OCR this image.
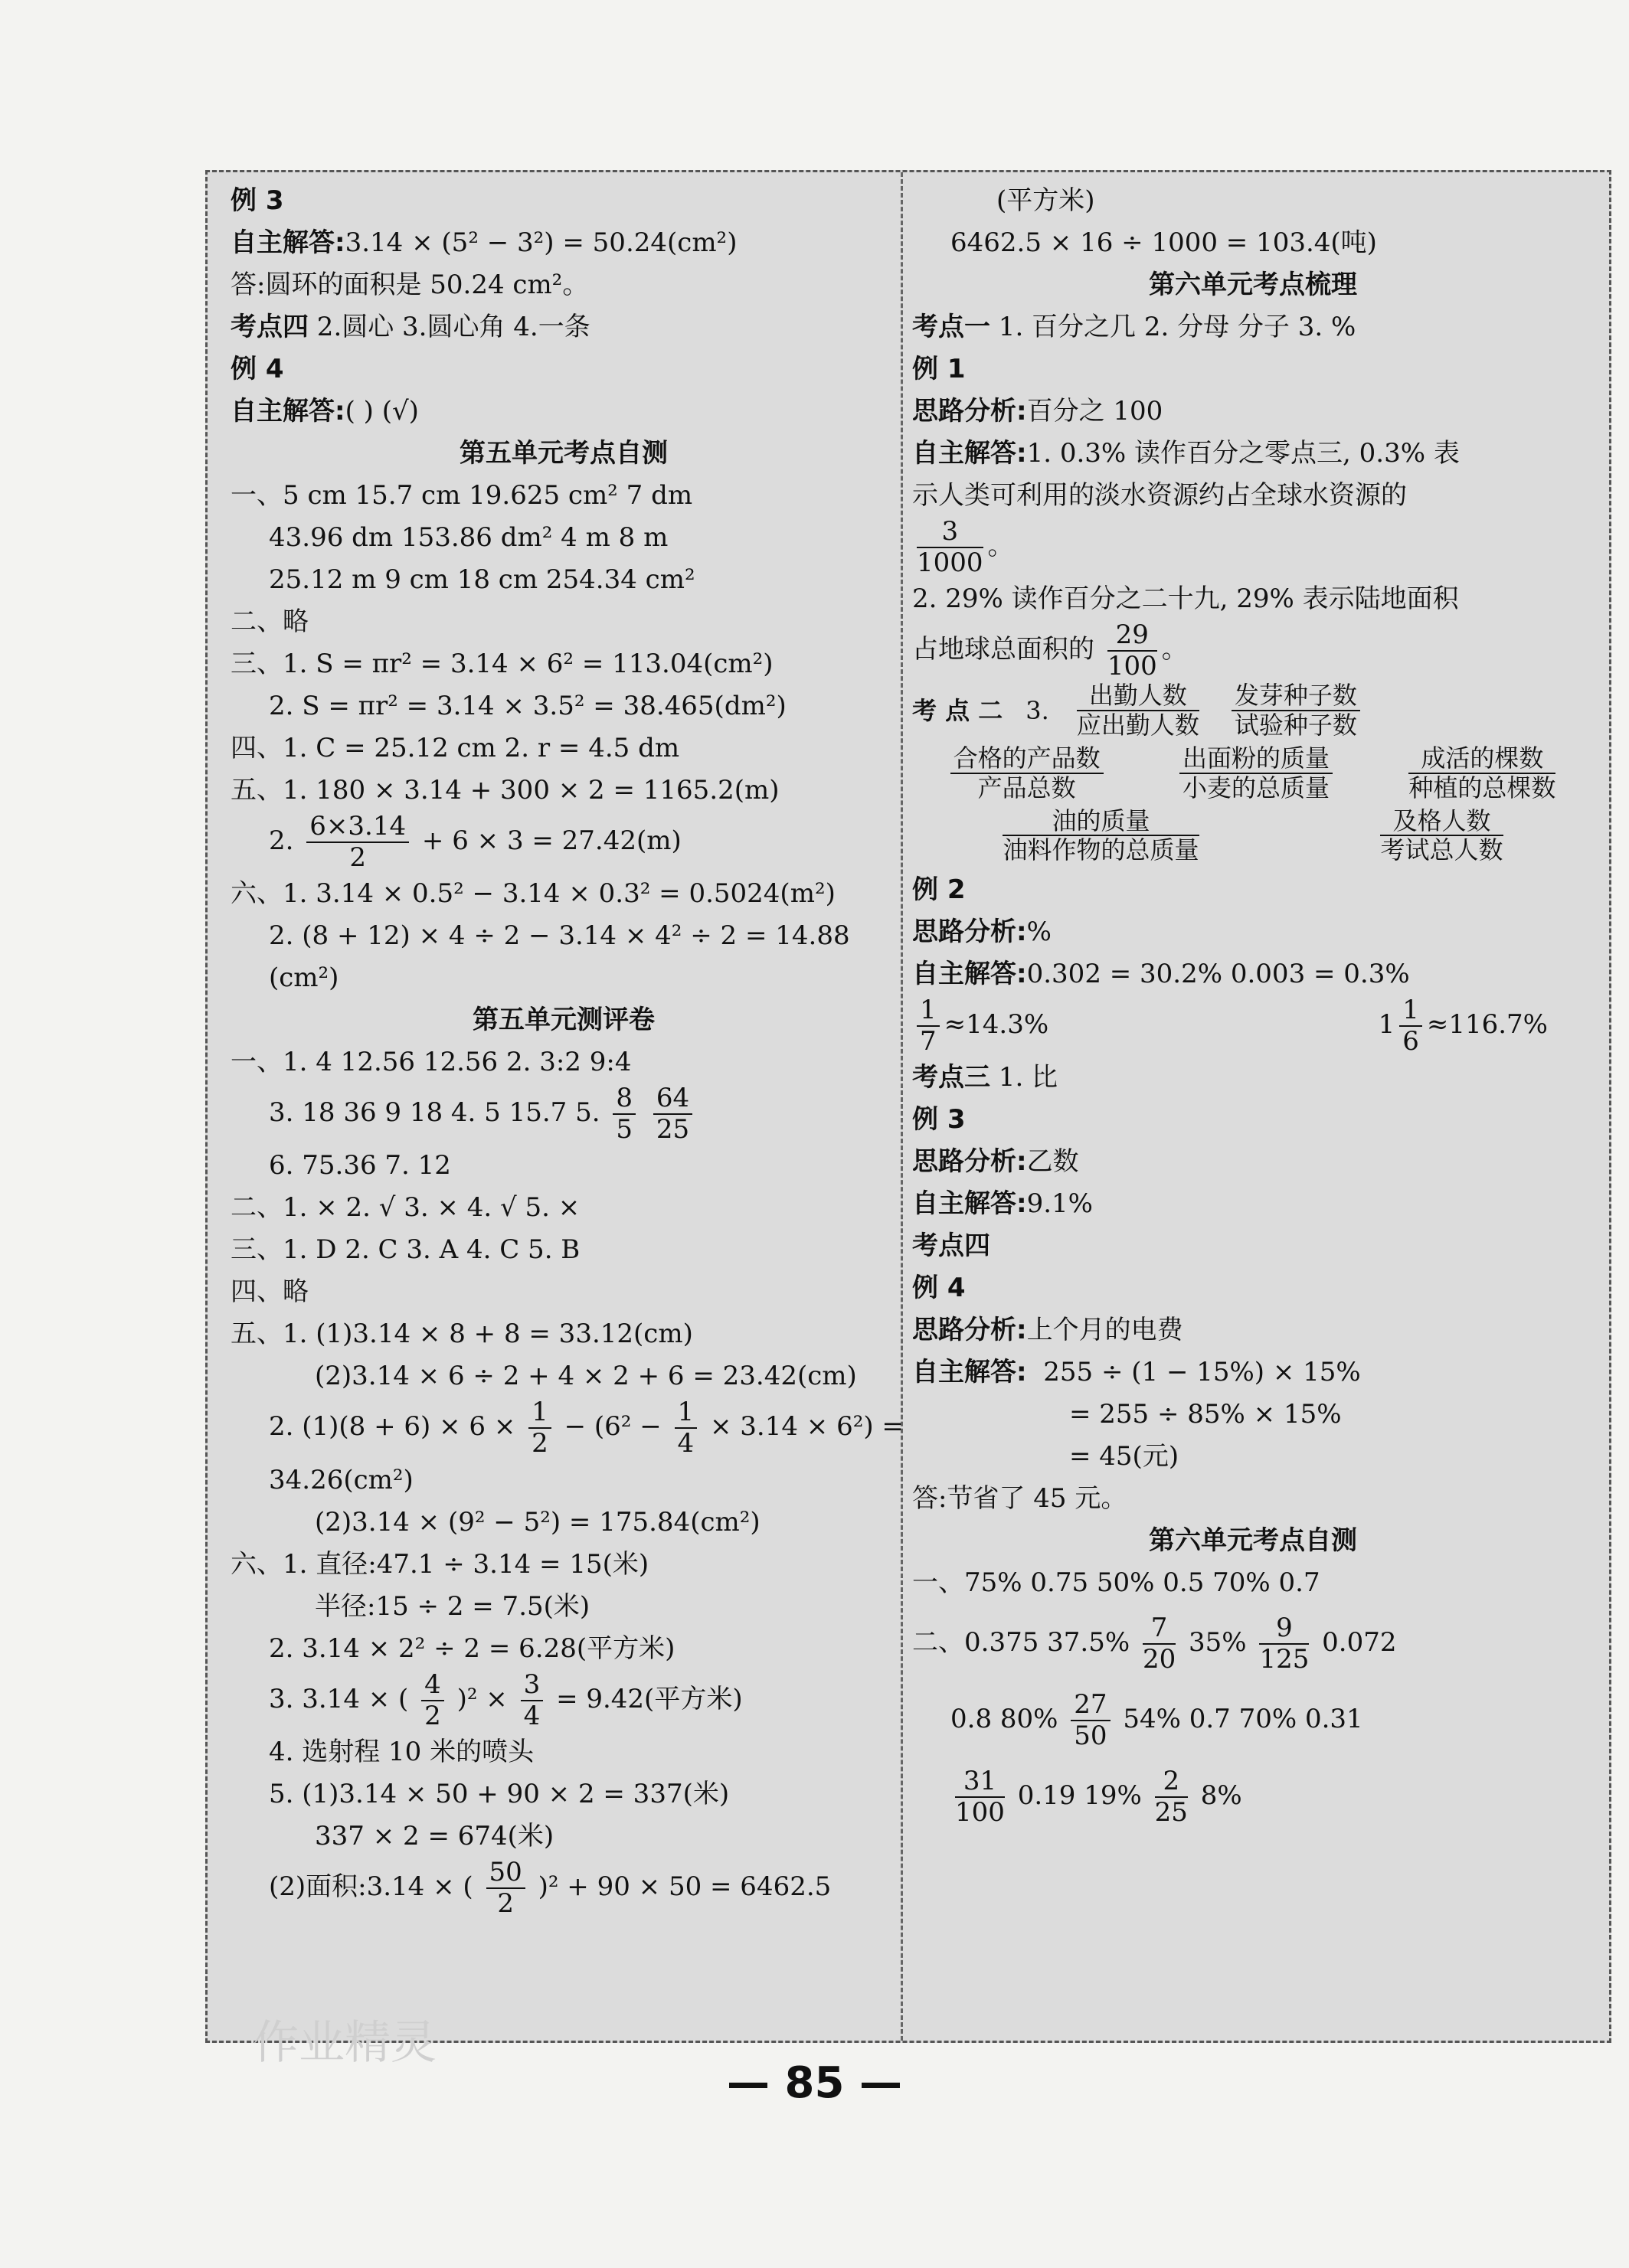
例 3
自主解答:3.14 × (5² − 3²) = 50.24(cm²)
答:圆环的面积是 50.24 cm²。
考点四 2.圆心 3.圆心角 4.一条
例 4
自主解答:( ) (√)
第五单元考点自测
一、5 cm 15.7 cm 19.625 cm² 7 dm
43.96 dm 153.86 dm² 4 m 8 m
25.12 m 9 cm 18 cm 254.34 cm²
二、略
三、1. S = πr² = 3.14 × 6² = 113.04(cm²)
2. S = πr² = 3.14 × 3.5² = 38.465(dm²)
四、1. C = 25.12 cm 2. r = 4.5 dm
五、1. 180 × 3.14 + 300 × 2 = 1165.2(m)
2. $\frac{6\times 3.14}{2} + 6 \times 3 = 27.42(m)$
六、1. 3.14 × 0.5² − 3.14 × 0.3² = 0.5024(m²)
2. (8 + 12) × 4 ÷ 2 − 3.14 × 4² ÷ 2 = 14.88
(cm²)
第五单元测评卷
一、1. 4 12.56 12.56 2. 3:2 9:4
3. 18 36 9 18 4. 5 15.7 5. $\frac{8}{5}$
$\frac{64}{25}$
6. 75.36 7. 12
二、1. × 2. √ 3. × 4. √ 5. ×
三、1. D 2. C 3. A 4. C 5. B
四、略
五、1. (1)3.14 × 8 + 8 = 33.12(cm)
(2)3.14 × 6 ÷ 2 + 4 × 2 + 6 = 23.42(cm)
2. $(1)(8 + 6) \times 6 \times \frac{1}{2} - (6^2 - \frac{1}{4} \times 3.14 \times 6^2)$ =
34.26(cm²)
(2)3.14 × (9² − 5²) = 175.84(cm²)
六、1. 直径:47.1 ÷ 3.14 = 15(米)
半径:15 ÷ 2 = 7.5(米)
2. 3.14 × 2² ÷ 2 = 6.28(平方米)
3. 3.14 × ( $\frac{4}{2} )^2 \times \frac{3}{4} = 9.42$(平方米)
4. 选射程 10 米的喷头
5. (1)3.14 × 50 + 90 × 2 = 337(米)
337 × 2 = 674(米)
(2)面积:3.14 × ( $\frac{50}{2} )^2 + 90 \times 50 = 6462.5$
(平方米)
6462.5 × 16 ÷ 1000 = 103.4(吨)
第六单元考点梳理
考点一 1. 百分之几 2. 分母 分子 3. %
例 1
思路分析:百分之 100
自主解答:1. 0.3% 读作百分之零点三, 0.3% 表
示人类可利用的淡水资源约占全球水资源的
$\frac{3}{1000}$ 。
2. 29% 读作百分之二十九, 29% 表示陆地面积
占地球总面积的 $\frac{29}{100}$ 。
考 点 二 3. $\frac{\text{出勤人数}}{\text{应出勤人数}} \frac{\text{发芽种子数}}{\text{试验种子数}}$
$\frac{\text{合格的产品数}}{\text{产品总数}}$	$\frac{\text{出面粉的质量}}{\text{小麦的总质量}}$	$\frac{\text{成活的棵数}}{\text{种植的总棵数}}$
$\frac{\text{油的质量}}{\text{油料作物的总质量}}$	$\frac{\text{及格人数}}{\text{考试总人数}}$
例 2
思路分析:%
自主解答:0.302 = 30.2% 0.003 = 0.3%
$\frac{1}{7} \approx 14.3\%$	$1 \frac{1}{6} \approx 116.7\%$
考点三 1. 比
例 3
思路分析:乙数
自主解答:9.1%
考点四
例 4
思路分析:上个月的电费
自主解答: 255 ÷ (1 − 15%) × 15%
= 255 ÷ 85% × 15%
= 45(元)
答:节省了 45 元。
第六单元考点自测
一、75% 0.75 50% 0.5 70% 0.7
二、0.375 $37.5\% \frac{7}{20} 35\% \frac{9}{125} 0.072$
0.8 $80\% \frac{27}{50} 54\%$ 0.7 70% 0.31
$\frac{31}{100} 0.19$ $19\% \frac{2}{25} 8\%$
作业精灵
— 85 —
